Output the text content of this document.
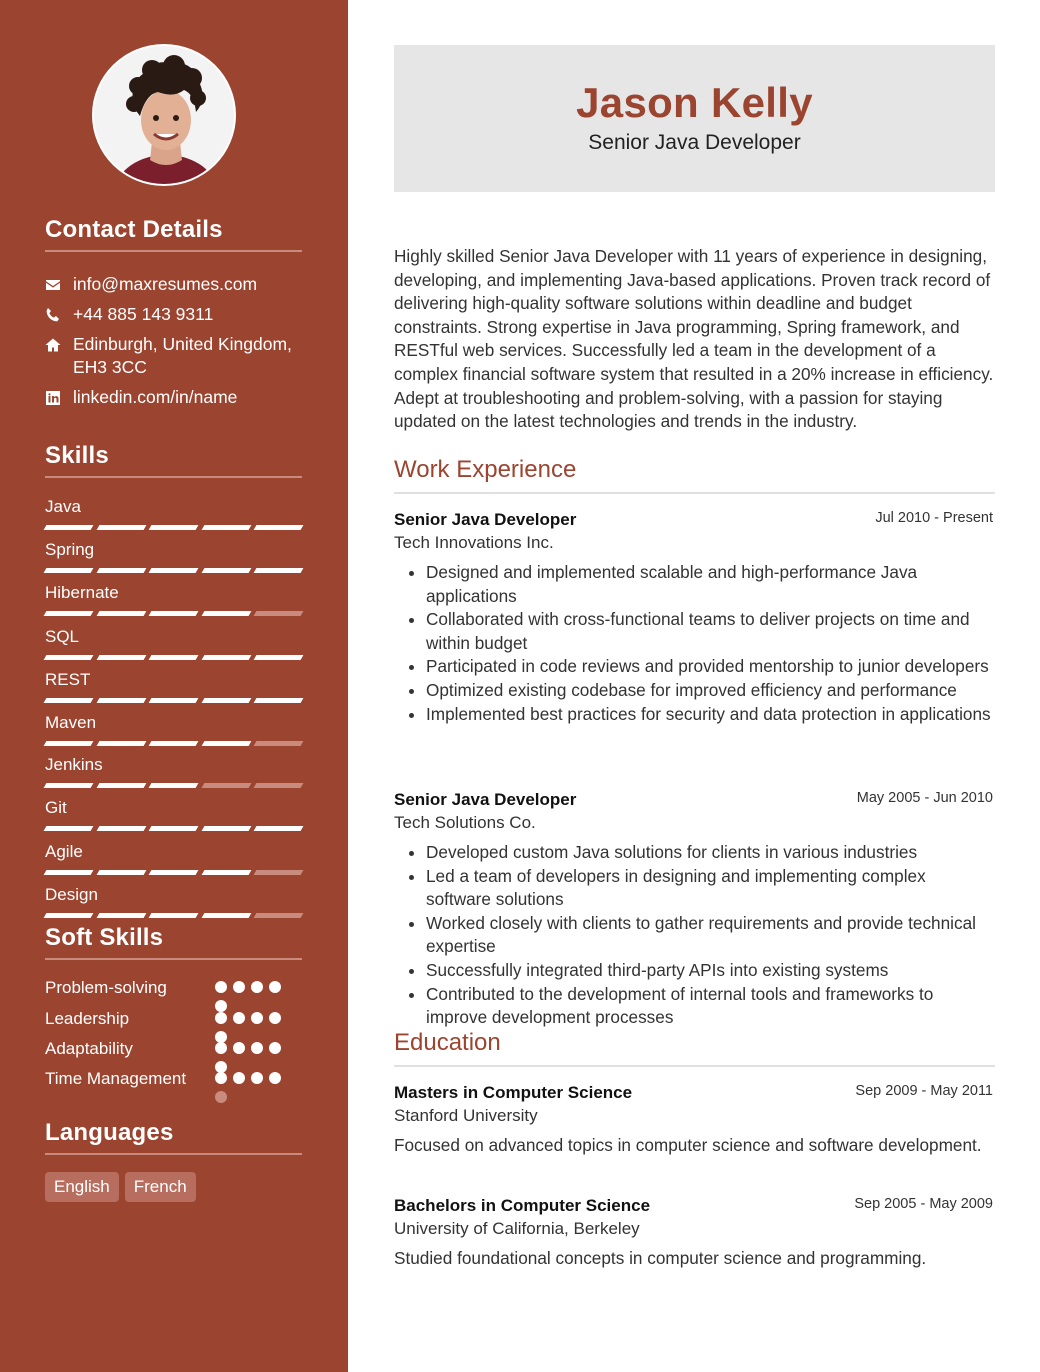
Contact Details
info@maxresumes.com
+44 885 143 9311
Edinburgh, United Kingdom, EH3 3CC
linkedin.com/in/name
Skills
Java
Spring
Hibernate
SQL
REST
Maven
Jenkins
Git
Agile
Design
Soft Skills
Problem-solving
Leadership
Adaptability
Time Management
Languages
English	French
Jason Kelly
Senior Java Developer
Highly skilled Senior Java Developer with 11 years of experience in designing, developing, and implementing Java-based applications. Proven track record of delivering high-quality software solutions within deadline and budget constraints. Strong expertise in Java programming, Spring framework, and RESTful web services. Successfully led a team in the development of a complex financial software system that resulted in a 20% increase in efficiency. Adept at troubleshooting and problem-solving, with a passion for staying updated on the latest technologies and trends in the industry.
Work Experience
Senior Java Developer	Jul 2010 - Present
Tech Innovations Inc.
• Designed and implemented scalable and high-performance Java applications
• Collaborated with cross-functional teams to deliver projects on time and within budget
• Participated in code reviews and provided mentorship to junior developers
• Optimized existing codebase for improved efficiency and performance
• Implemented best practices for security and data protection in applications
Senior Java Developer	May 2005 - Jun 2010
Tech Solutions Co.
• Developed custom Java solutions for clients in various industries
• Led a team of developers in designing and implementing complex software solutions
• Worked closely with clients to gather requirements and provide technical expertise
• Successfully integrated third-party APIs into existing systems
• Contributed to the development of internal tools and frameworks to improve development processes
Education
Masters in Computer Science	Sep 2009 - May 2011
Stanford University
Focused on advanced topics in computer science and software development.
Bachelors in Computer Science	Sep 2005 - May 2009
University of California, Berkeley
Studied foundational concepts in computer science and programming.
